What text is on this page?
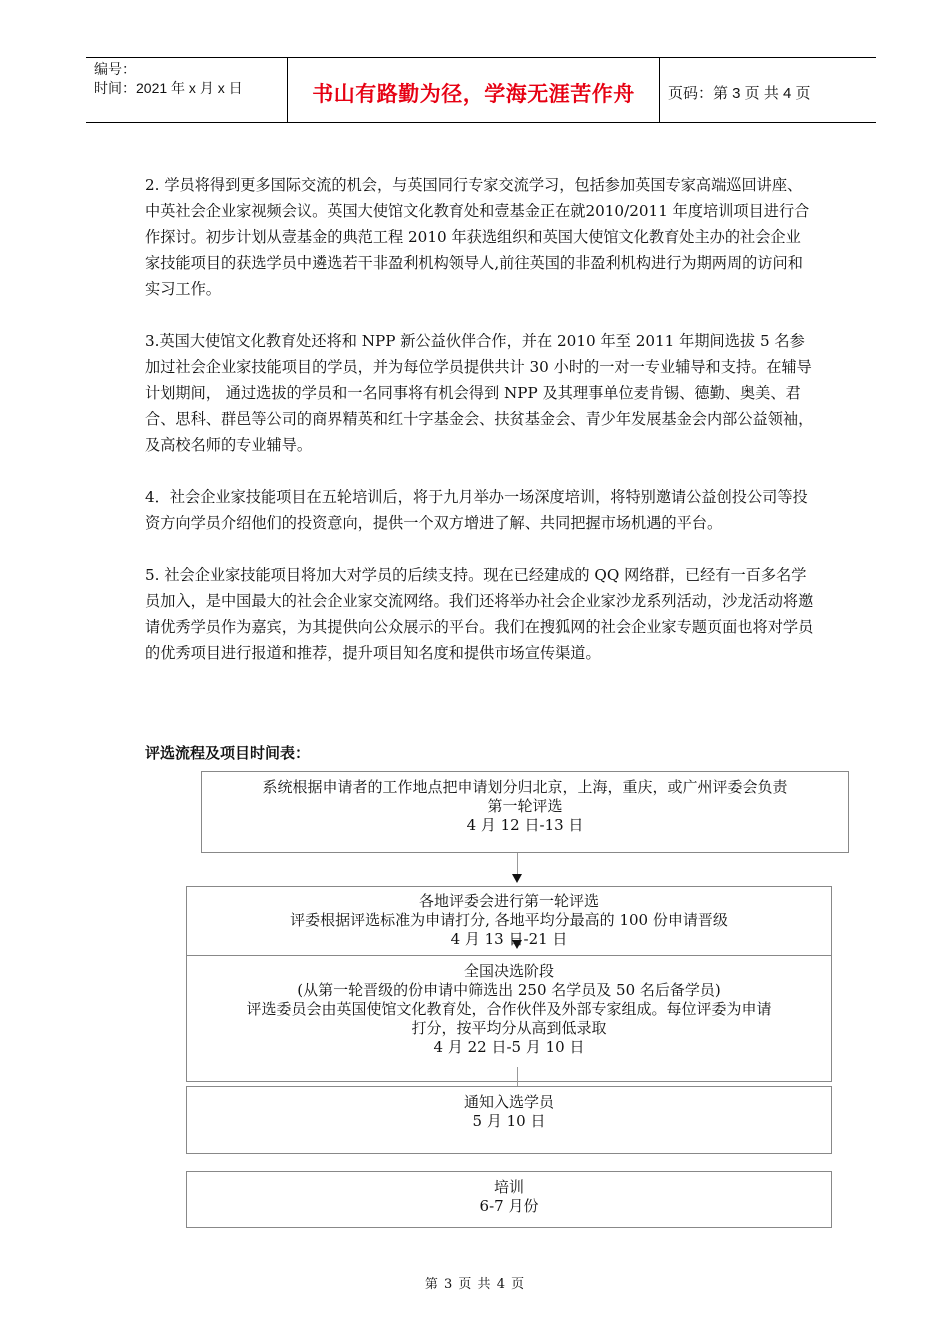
编号：
时间：2021 年 x 月 x 日	书山有路勤为径，学海无涯苦作舟	页码：第 3 页 共 4 页

2. 学员将得到更多国际交流的机会，与英国同行专家交流学习，包括参加英国专家高端巡回讲座、中英社会企业家视频会议。英国大使馆文化教育处和壹基金正在就2010/2011 年度培训项目进行合作探讨。初步计划从壹基金的典范工程 2010 年获选组织和英国大使馆文化教育处主办的社会企业家技能项目的获选学员中遴选若干非盈利机构领导人,前往英国的非盈利机构进行为期两周的访问和实习工作。

3.英国大使馆文化教育处还将和 NPP 新公益伙伴合作，并在 2010 年至 2011 年期间选拔 5 名参加过社会企业家技能项目的学员，并为每位学员提供共计 30 小时的一对一专业辅导和支持。在辅导计划期间， 通过选拔的学员和一名同事将有机会得到 NPP 及其理事单位麦肯锡、德勤、奥美、君合、思科、群邑等公司的商界精英和红十字基金会、扶贫基金会、青少年发展基金会内部公益领袖，及高校名师的专业辅导。

4．社会企业家技能项目在五轮培训后，将于九月举办一场深度培训，将特别邀请公益创投公司等投资方向学员介绍他们的投资意向，提供一个双方增进了解、共同把握市场机遇的平台。

5. 社会企业家技能项目将加大对学员的后续支持。现在已经建成的 QQ 网络群，已经有一百多名学员加入，是中国最大的社会企业家交流网络。我们还将举办社会企业家沙龙系列活动，沙龙活动将邀请优秀学员作为嘉宾，为其提供向公众展示的平台。我们在搜狐网的社会企业家专题页面也将对学员的优秀项目进行报道和推荐，提升项目知名度和提供市场宣传渠道。

评选流程及项目时间表：
系统根据申请者的工作地点把申请划分归北京，上海，重庆，或广州评委会负责
第一轮评选
4 月 12 日-13 日
各地评委会进行第一轮评选
评委根据评选标准为申请打分, 各地平均分最高的 100 份申请晋级
4 月 13 日-21 日
全国决选阶段
(从第一轮晋级的份申请中筛选出 250 名学员及 50 名后备学员)
评选委员会由英国使馆文化教育处，合作伙伴及外部专家组成。每位评委为申请
打分，按平均分从高到低录取
4 月 22 日-5 月 10 日
通知入选学员
5 月 10 日
培训
6-7 月份
第 3 页 共 4 页
